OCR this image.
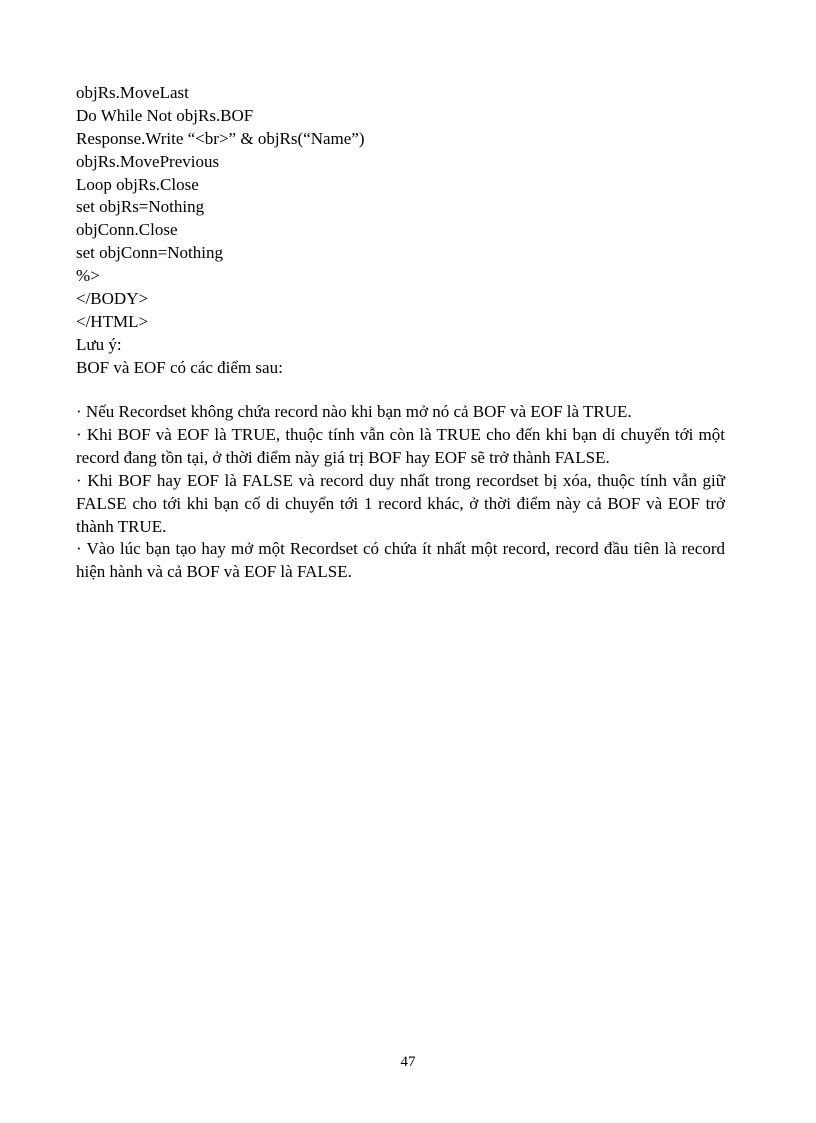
objRs.MoveLast
Do While Not objRs.BOF
Response.Write “<br>” & objRs(“Name”)
objRs.MovePrevious
Loop objRs.Close
set objRs=Nothing
objConn.Close
set objConn=Nothing
%>
</BODY>
</HTML>
Lưu ý:
BOF và EOF có các điểm sau:

· Nếu Recordset không chứa record nào khi bạn mở nó cả BOF và EOF là TRUE.

· Khi BOF và EOF là TRUE, thuộc tính vẫn còn là TRUE cho đến khi bạn di chuyển tới một record đang tồn tại, ở thời điểm này giá trị BOF hay EOF sẽ trở thành FALSE.

· Khi BOF hay EOF là FALSE và record duy nhất trong recordset bị xóa, thuộc tính vẫn giữ FALSE cho tới khi bạn cố di chuyển tới 1 record khác, ở thời điểm này cả BOF và EOF trở thành TRUE.

· Vào lúc bạn tạo hay mở một Recordset có chứa ít nhất một record, record đầu tiên là record hiện hành và cả BOF và EOF là FALSE.

47
